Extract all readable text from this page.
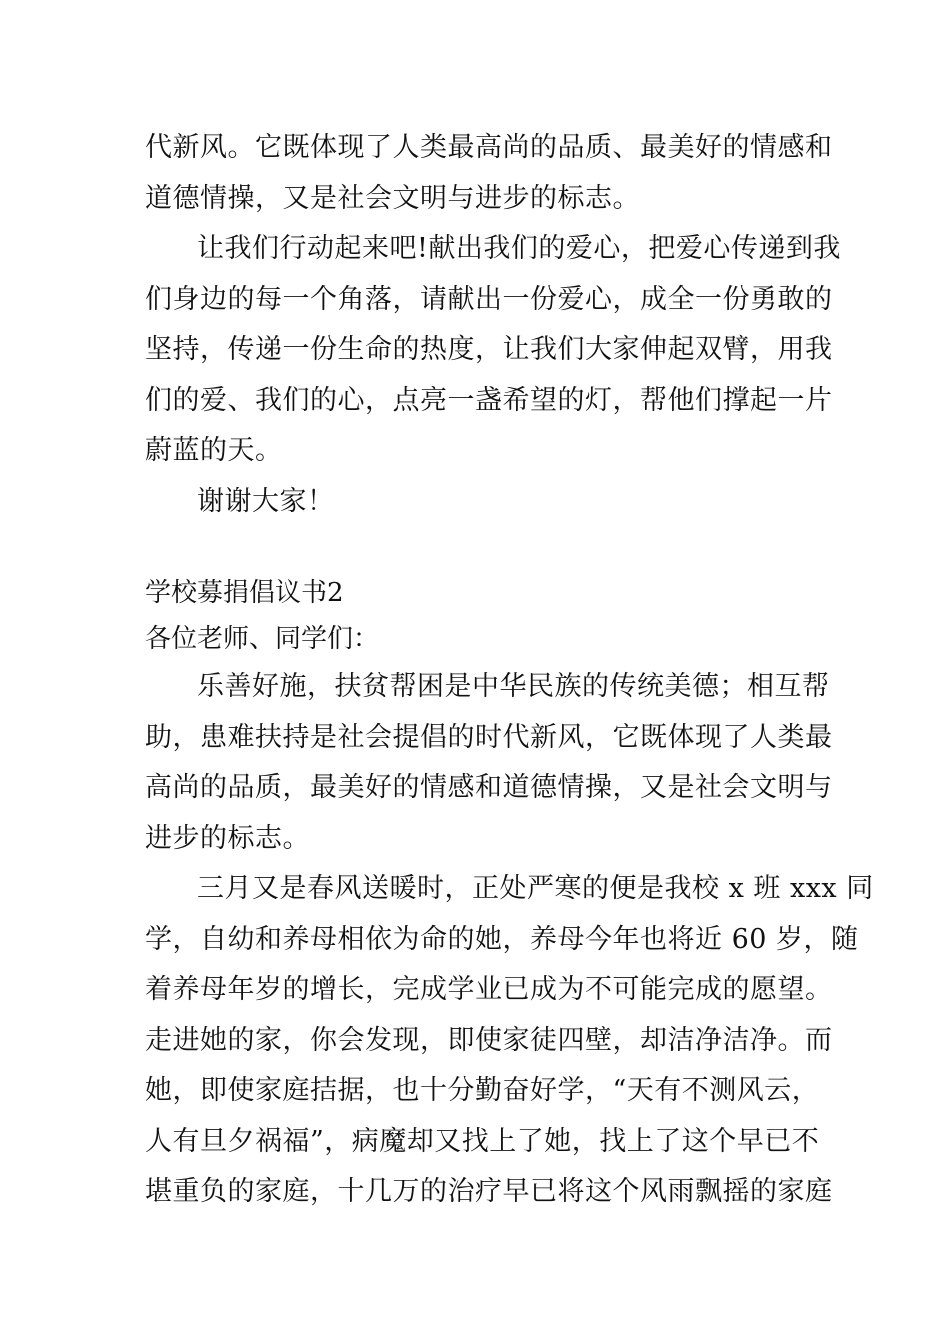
代新风。它既体现了人类最高尚的品质、最美好的情感和
道德情操，又是社会文明与进步的标志。
让我们行动起来吧!献出我们的爱心，把爱心传递到我
们身边的每一个角落，请献出一份爱心，成全一份勇敢的
坚持，传递一份生命的热度，让我们大家伸起双臂，用我
们的爱、我们的心，点亮一盏希望的灯，帮他们撑起一片
蔚蓝的天。
谢谢大家！
学校募捐倡议书2
各位老师、同学们：
乐善好施，扶贫帮困是中华民族的传统美德；相互帮
助，患难扶持是社会提倡的时代新风，它既体现了人类最
高尚的品质，最美好的情感和道德情操，又是社会文明与
进步的标志。
三月又是春风送暖时，正处严寒的便是我校 x 班 xxx 同
学，自幼和养母相依为命的她，养母今年也将近 60 岁，随
着养母年岁的增长，完成学业已成为不可能完成的愿望。
走进她的家，你会发现，即使家徒四壁，却洁净洁净。而
她，即使家庭拮据，也十分勤奋好学，“天有不测风云，
人有旦夕祸福”，病魔却又找上了她，找上了这个早已不
堪重负的家庭，十几万的治疗早已将这个风雨飘摇的家庭
